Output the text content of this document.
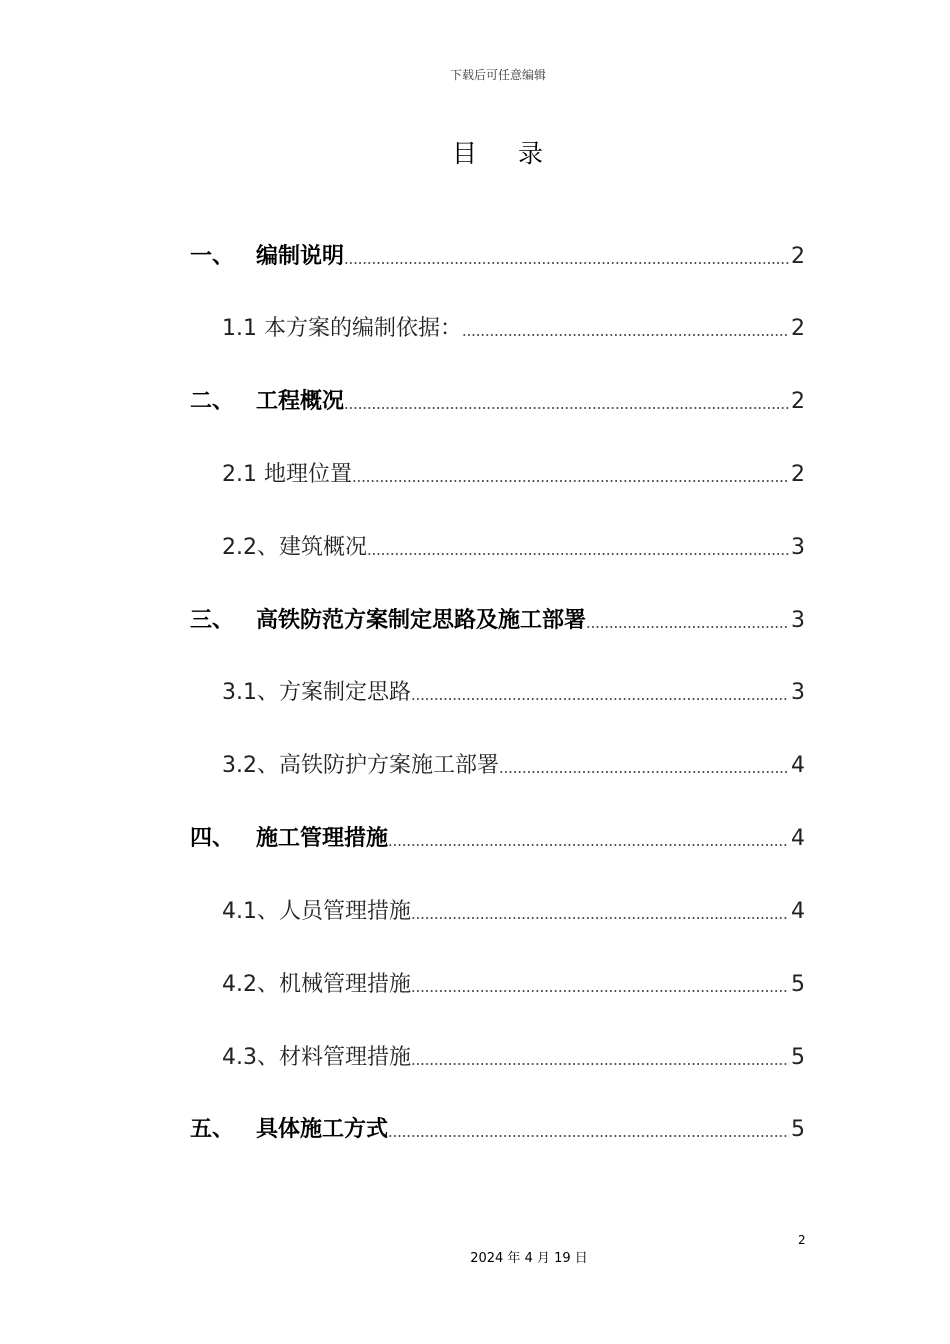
下载后可任意编辑
目 录
一、 编制说明	2
1.1 本方案的编制依据：	2
二、 工程概况	2
2.1 地理位置	2
2.2、建筑概况	3
三、 高铁防范方案制定思路及施工部署	3
3.1、方案制定思路	3
3.2、高铁防护方案施工部署	4
四、 施工管理措施	4
4.1、人员管理措施	4
4.2、机械管理措施	5
4.3、材料管理措施	5
五、 具体施工方式	5
2
2024 年 4 月 19 日
